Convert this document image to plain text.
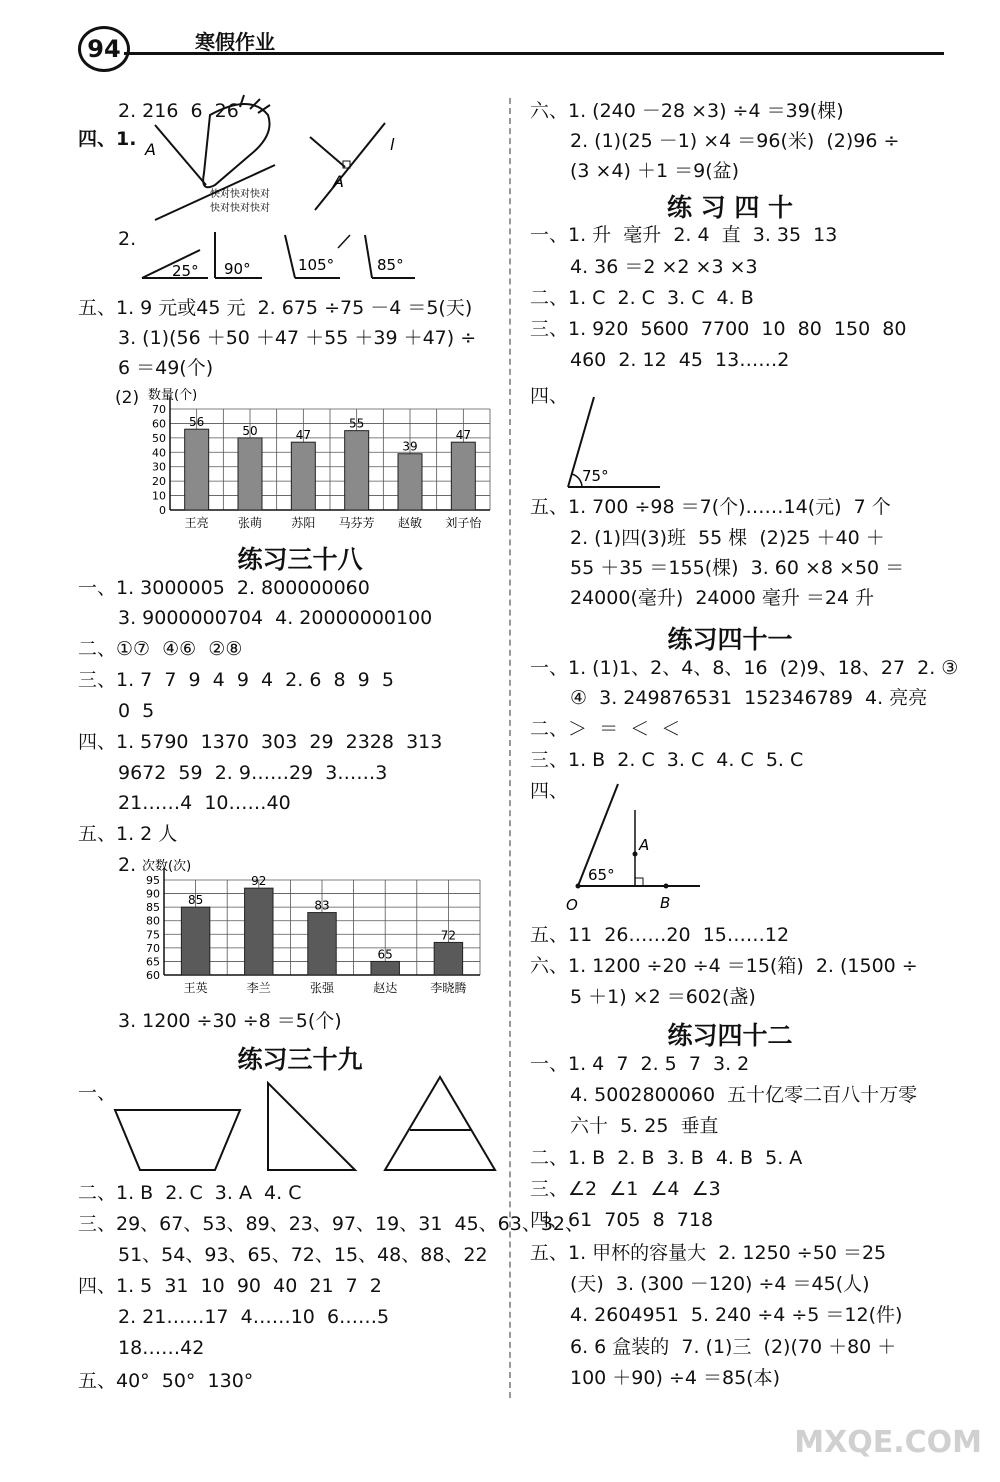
94	寒假作业
2. 216  6  26
四、1. A
快对快对快对
快对快对快对
l
A
2.
25° 90°	105°	85°
五、1. 9 元或45 元  2. 675 ÷75 －4 ＝5(天)
3. (1)(56 ＋50 ＋47 ＋55 ＋39 ＋47) ÷
6 ＝49(个)
(2) 数量(个)
0
10
20
30
40
50
60
70
56
王亮
50
张萌
47
苏阳
55
马芬芳
39
赵敏
47
刘子怡
练习三十八
一、1. 3000005  2. 800000060
3. 9000000704  4. 20000000100
二、①⑦  ④⑥  ②⑧
三、1. 7  7  9  4  9  4  2. 6  8  9  5
0  5
四、1. 5790  1370  303  29  2328  313
9672  59  2. 9……29  3……3
21……4  10……40
五、1. 2 人
2. 次数(次)
60
65
70
75
80
85
90
95
85
王英
92
李兰
83
张强
65
赵达
72
李晓腾
3. 1200 ÷30 ÷8 ＝5(个)
练习三十九
一、
二、1. B  2. C  3. A  4. C
三、29、67、53、89、23、97、19、31  45、63、32、
51、54、93、65、72、15、48、88、22
四、1. 5  31  10  90  40  21  7  2
2. 21……17  4……10  6……5
18……42
五、40°  50°  130°
六、1. (240 －28 ×3) ÷4 ＝39(棵)
2. (1)(25 －1) ×4 ＝96(米)  (2)96 ÷
(3 ×4) ＋1 ＝9(盆)
练 习 四 十
一、1. 升  毫升  2. 4  直  3. 35  13
4. 36 ＝2 ×2 ×3 ×3
二、1. C  2. C  3. C  4. B
三、1. 920  5600  7700  10  80  150  80
460  2. 12  45  13……2
四、
75°
五、1. 700 ÷98 ＝7(个)……14(元)  7 个
2. (1)四(3)班  55 棵  (2)25 ＋40 ＋
55 ＋35 ＝155(棵)  3. 60 ×8 ×50 ＝
24000(毫升)  24000 毫升 ＝24 升
练习四十一
一、1. (1)1、2、4、8、16  (2)9、18、27  2. ③
④  3. 249876531  152346789  4. 亮亮
二、＞  ＝  ＜  ＜
三、1. B  2. C  3. C  4. C  5. C
四、
A
65°
O	B
五、11  26……20  15……12
六、1. 1200 ÷20 ÷4 ＝15(箱)  2. (1500 ÷
5 ＋1) ×2 ＝602(盏)
练习四十二
一、1. 4  7  2. 5  7  3. 2
4. 5002800060  五十亿零二百八十万零
六十  5. 25  垂直
二、1. B  2. B  3. B  4. B  5. A
三、∠2  ∠1  ∠4  ∠3
四、61  705  8  718
五、1. 甲杯的容量大  2. 1250 ÷50 ＝25
(天)  3. (300 －120) ÷4 ＝45(人)
4. 2604951  5. 240 ÷4 ÷5 ＝12(件)
6. 6 盒装的  7. (1)三  (2)(70 ＋80 ＋
100 ＋90) ÷4 ＝85(本)
MXQE.COM
